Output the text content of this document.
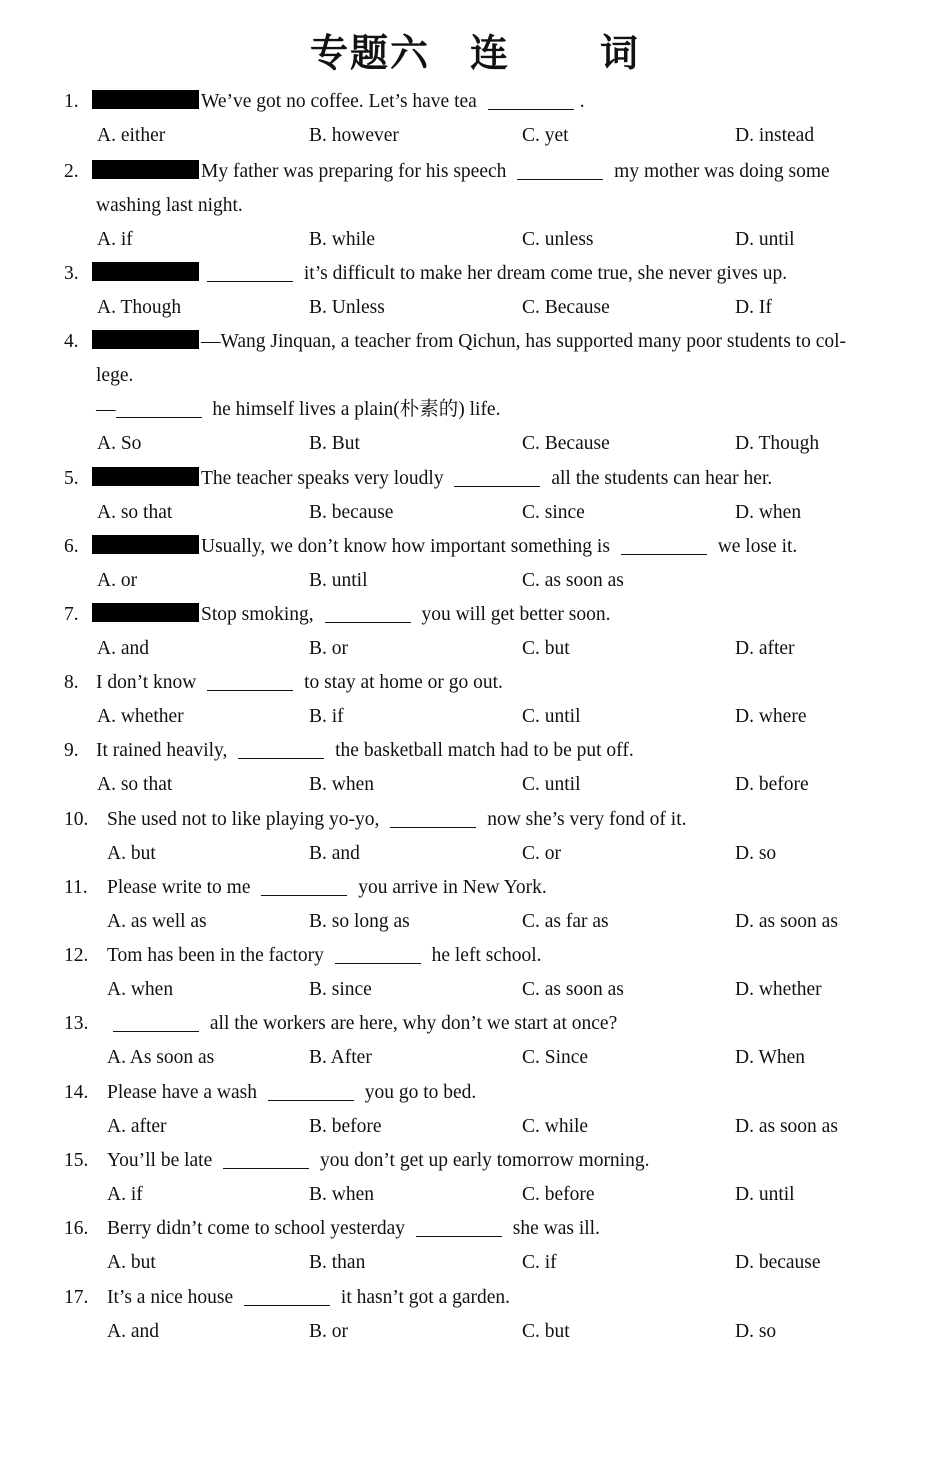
专题六 连 词
1.	We’ve got no coffee. Let’s have tea	.
A. either	B. however	C. yet	D. instead
2.	My father was preparing for his speech	my mother was doing some
washing last night.
A. if	B. while	C. unless	D. until
3.	it’s difficult to make her dream come true, she never gives up.
A. Though	B. Unless	C. Because	D. If
4.	—Wang Jinquan, a teacher from Qichun, has supported many poor students to col-
lege.
—	he himself lives a plain(朴素的) life.
A. So	B. But	C. Because	D. Though
5.	The teacher speaks very loudly	all the students can hear her.
A. so that	B. because	C. since	D. when
6.	Usually, we don’t know how important something is	we lose it.
A. or	B. until	C. as soon as
7.	Stop smoking,	you will get better soon.
A. and	B. or	C. but	D. after
8. I don’t know	to stay at home or go out.
A. whether	B. if	C. until	D. where
9. It rained heavily,	the basketball match had to be put off.
A. so that	B. when	C. until	D. before
10. She used not to like playing yo-yo,	now she’s very fond of it.
A. but	B. and	C. or	D. so
11. Please write to me	you arrive in New York.
A. as well as	B. so long as	C. as far as	D. as soon as
12. Tom has been in the factory	he left school.
A. when	B. since	C. as soon as	D. whether
13.	all the workers are here, why don’t we start at once?
A. As soon as	B. After	C. Since	D. When
14. Please have a wash	you go to bed.
A. after	B. before	C. while	D. as soon as
15. You’ll be late	you don’t get up early tomorrow morning.
A. if	B. when	C. before	D. until
16. Berry didn’t come to school yesterday	she was ill.
A. but	B. than	C. if	D. because
17. It’s a nice house	it hasn’t got a garden.
A. and	B. or	C. but	D. so
